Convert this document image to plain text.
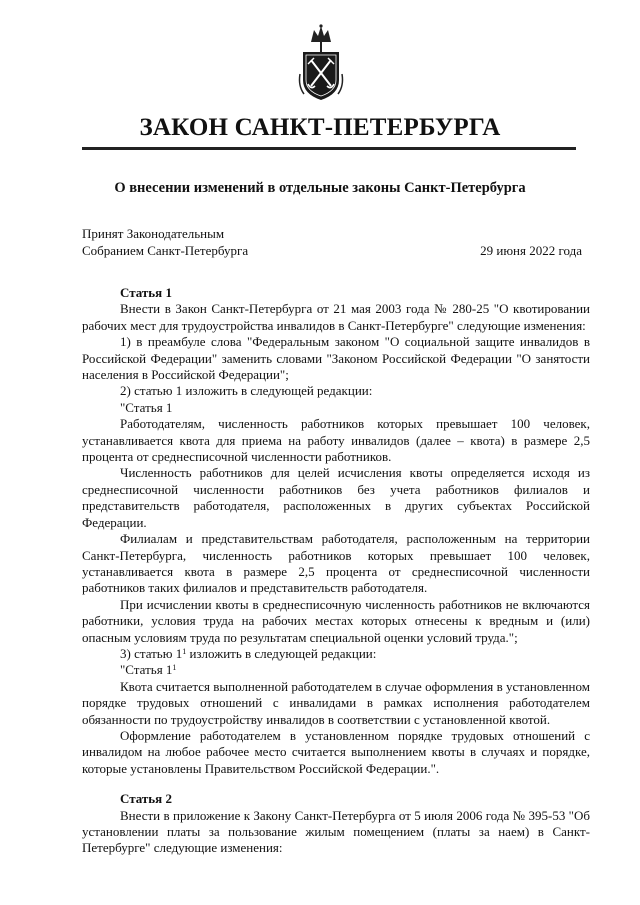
ЗАКОН САНКТ-ПЕТЕРБУРГА
О внесении изменений в отдельные законы Санкт-Петербурга
Принят Законодательным
Собранием Санкт-Петербурга	29 июня 2022 года

Статья 1

Внести в Закон Санкт-Петербурга от 21 мая 2003 года № 280-25 "О квотировании рабочих мест для трудоустройства инвалидов в Санкт-Петербурге" следующие изменения:

1) в преамбуле слова "Федеральным законом "О социальной защите инвалидов в Российской Федерации" заменить словами "Законом Российской Федерации "О занятости населения в Российской Федерации";

2) статью 1 изложить в следующей редакции:

"Статья 1

Работодателям, численность работников которых превышает 100 человек, устанавливается квота для приема на работу инвалидов (далее – квота) в размере 2,5 процента от среднесписочной численности работников.

Численность работников для целей исчисления квоты определяется исходя из среднесписочной численности работников без учета работников филиалов и представительств работодателя, расположенных в других субъектах Российской Федерации.

Филиалам и представительствам работодателя, расположенным на территории Санкт-Петербурга, численность работников которых превышает 100 человек, устанавливается квота в размере 2,5 процента от среднесписочной численности работников таких филиалов и представительств работодателя.

При исчислении квоты в среднесписочную численность работников не включаются работники, условия труда на рабочих местах которых отнесены к вредным и (или) опасным условиям труда по результатам специальной оценки условий труда.";

3) статью $1^1$ изложить в следующей редакции:

"Статья $1^1$

Квота считается выполненной работодателем в случае оформления в установленном порядке трудовых отношений с инвалидами в рамках исполнения работодателем обязанности по трудоустройству инвалидов в соответствии с установленной квотой.

Оформление работодателем в установленном порядке трудовых отношений с инвалидом на любое рабочее место считается выполнением квоты в случаях и порядке, которые установлены Правительством Российской Федерации.".

Статья 2

Внести в приложение к Закону Санкт-Петербурга от 5 июля 2006 года № 395-53 "Об установлении платы за пользование жилым помещением (платы за наем) в Санкт-Петербурге" следующие изменения:
